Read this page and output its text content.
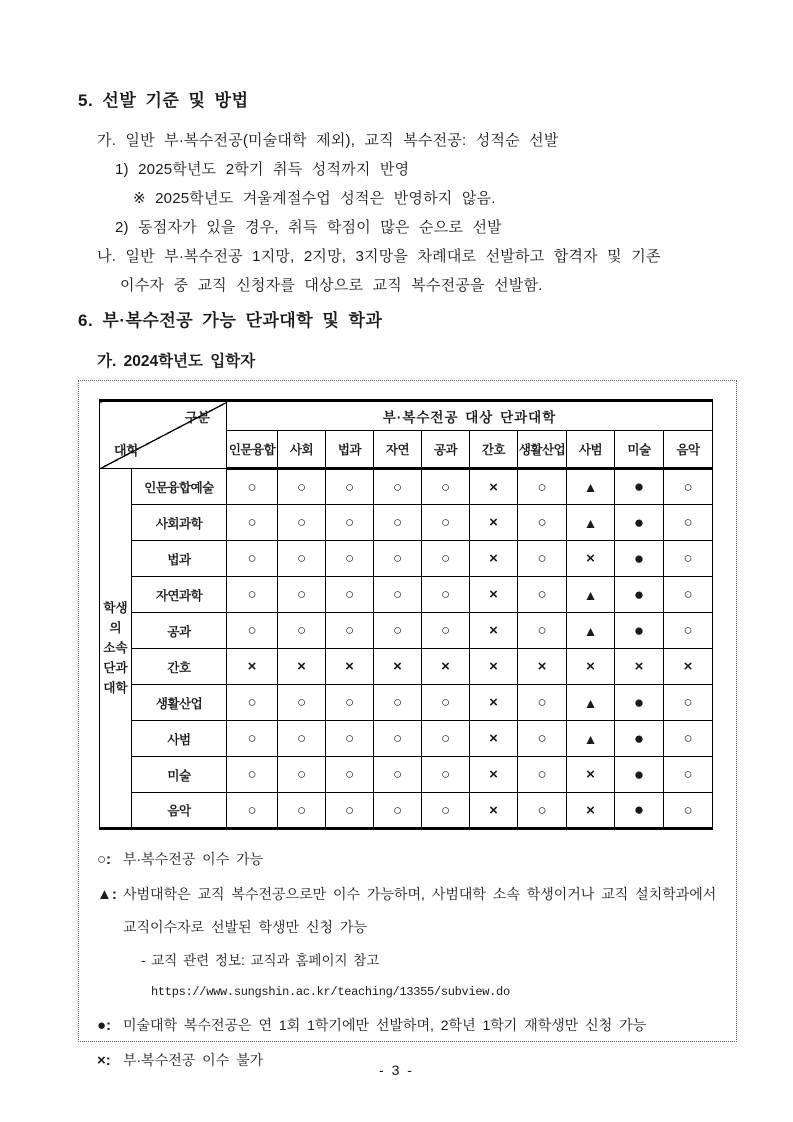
5. 선발 기준 및 방법
가. 일반 부·복수전공(미술대학 제외), 교직 복수전공: 성적순 선발
1) 2025학년도 2학기 취득 성적까지 반영
※ 2025학년도 겨울계절수업 성적은 반영하지 않음.
2) 동점자가 있을 경우, 취득 학점이 많은 순으로 선발
나. 일반 부·복수전공 1지망, 2지망, 3지망을 차례대로 선발하고 합격자 및 기존
이수자 중 교직 신청자를 대상으로 교직 복수전공을 선발함.
6. 부·복수전공 가능 단과대학 및 학과
가. 2024학년도 입학자
구분
대학		부·복수전공 대상 단과대학									
		인문융합	사회	법과	자연	공과	간호	생활산업	사범	미술	음악

학생의
소속
단과
대학	인문융합예술	○	○	○	○	○	×	○	▲	●	○
	사회과학	○	○	○	○	○	×	○	▲	●	○
	법과	○	○	○	○	○	×	○	×	●	○
	자연과학	○	○	○	○	○	×	○	▲	●	○
	공과	○	○	○	○	○	×	○	▲	●	○
	간호	×	×	×	×	×	×	×	×	×	×
	생활산업	○	○	○	○	○	×	○	▲	●	○
	사범	○	○	○	○	○	×	○	▲	●	○
	미술	○	○	○	○	○	×	○	×	●	○
	음악	○	○	○	○	○	×	○	×	●	○
○: 부·복수전공 이수 가능
▲: 사범대학은 교직 복수전공으로만 이수 가능하며, 사범대학 소속 학생이거나 교직 설치학과에서 교직이수자로 선발된 학생만 신청 가능
- 교직 관련 정보: 교직과 홈페이지 참고https://www.sungshin.ac.kr/teaching/13355/subview.do
●: 미술대학 복수전공은 연 1회 1학기에만 선발하며, 2학년 1학기 재학생만 신청 가능
×: 부·복수전공 이수 불가
- 3 -
